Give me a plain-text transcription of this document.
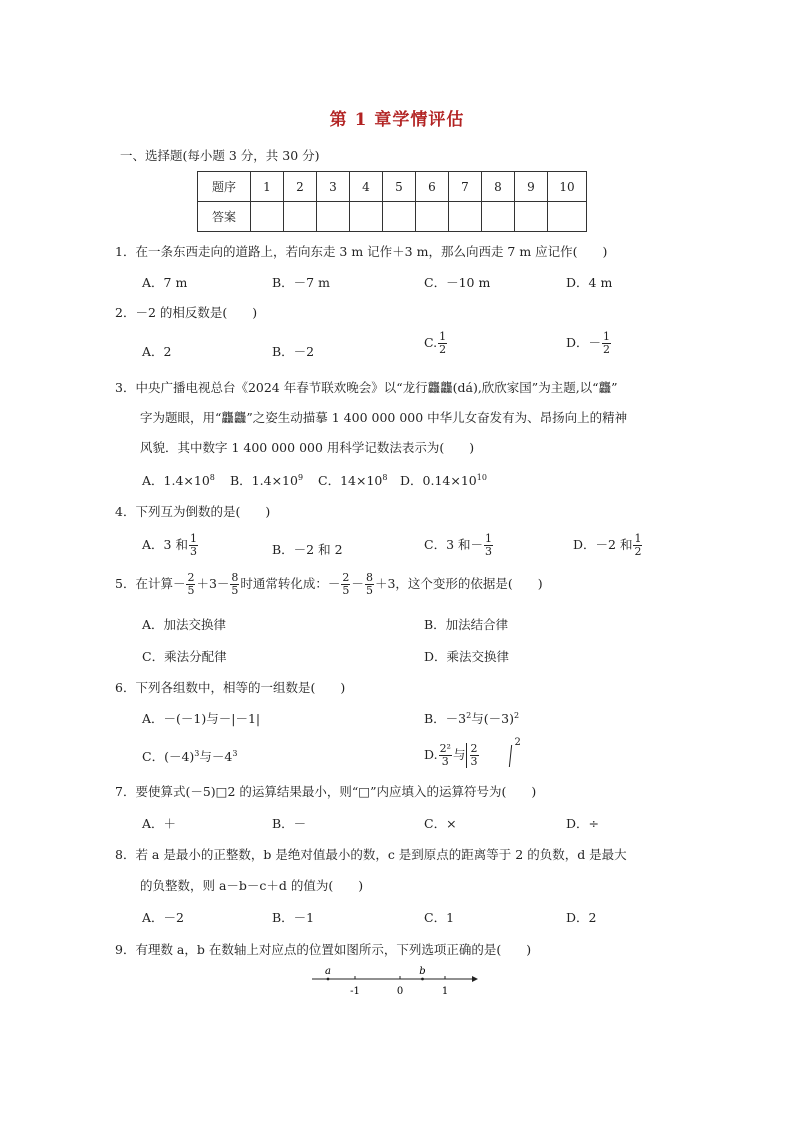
第 1 章学情评估
一、选择题(每小题 3 分，共 30 分)
题序	1	2	3	4	5	6	7	8	9	10
答案										
1．在一条东西走向的道路上，若向东走 3 m 记作＋3 m，那么向西走 7 m 应记作(　　)
A．7 m	B．－7 m	C．－10 m	D．4 m
2．－2 的相反数是(　　)
A．2	B．－2
C. $\frac{1}{2}$	D．－ $\frac{1}{2}$
3．中央广播电视总台《2024 年春节联欢晚会》以“龙行龘龘(dá),欣欣家国”为主题,以“龘”
字为题眼，用“龘龘”之姿生动描摹 1 400 000 000 中华儿女奋发有为、昂扬向上的精神
风貌．其中数字 1 400 000 000 用科学记数法表示为(　　)
A．$1.4\times 10^8$ B．$1.4\times 10^9$ C．$14\times 10^8$ D．$0.14\times 10^{10}$
4．下列互为倒数的是(　　)
A．3 和 $\frac{1}{3}$	B．－2 和 2	C．3 和－ $\frac{1}{3}$	D．－2 和 $\frac{1}{2}$
5．在计算－ $\frac{2}{5} +3- \frac{8}{5}$ 时通常转化成：－ $\frac{2}{5} - \frac{8}{5} +3$，这个变形的依据是(　　)
A．加法交换律	B．加法结合律
C．乘法分配律	D．乘法交换律
6．下列各组数中，相等的一组数是(　　)
A．－(－1)与－|－1|	B．$-3^2$与$(-3)^2$
C．$(-4)^3$与$-4^3$	D. $\frac{\text{2²}}{3}$ 与 $\frac{2}{3}$
$^2$
7．要使算式(－5)□2 的运算结果最小，则“□”内应填入的运算符号为(　　)
A．＋	B．－	C．×	D．÷
8．若 a 是最小的正整数，b 是绝对值最小的数，c 是到原点的距离等于 2 的负数，d 是最大
的负整数，则 a－b－c＋d 的值为(　　)
A．－2	B．－1	C．1	D．2
9．有理数 a，b 在数轴上对应点的位置如图所示，下列选项正确的是(　　)
-1	0	1
a	b
